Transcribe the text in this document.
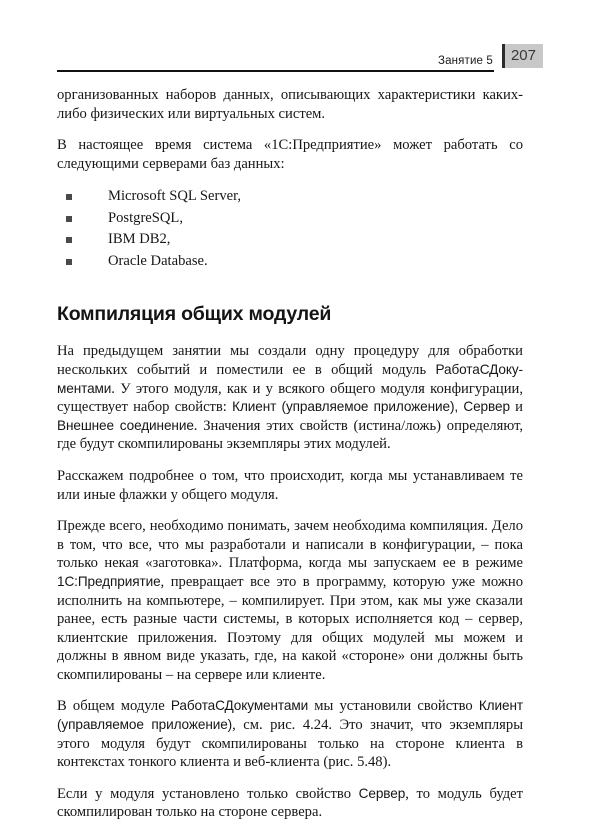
Занятие 5	207

организованных наборов данных, описывающих характеристики каких-либо физических или виртуальных систем.

В настоящее время система «1С:Предприятие» может работать со следующими серверами баз данных:

Microsoft SQL Server,
PostgreSQL,
IBM DB2,
Oracle Database.
Компиляция общих модулей

На предыдущем занятии мы создали одну процедуру для обработки нескольких событий и поместили ее в общий модуль РаботаСДоку-ментами. У этого модуля, как и у всякого общего модуля конфигурации, существует набор свойств: Клиент (управляемое приложение), Сервер и Внешнее соединение. Значения этих свойств (истина/ложь) определяют, где будут скомпилированы экземпляры этих модулей.

Расскажем подробнее о том, что происходит, когда мы устанавливаем те или иные флажки у общего модуля.

Прежде всего, необходимо понимать, зачем необходима компиляция. Дело в том, что все, что мы разработали и написали в конфигурации, – пока только некая «заготовка». Платформа, когда мы запускаем ее в режиме 1С:Предприятие, превращает все это в программу, которую уже можно исполнить на компьютере, – компилирует. При этом, как мы уже сказали ранее, есть разные части системы, в которых исполняется код – сервер, клиентские приложения. Поэтому для общих модулей мы можем и должны в явном виде указать, где, на какой «стороне» они должны быть скомпилированы – на сервере или клиенте.

В общем модуле РаботаСДокументами мы установили свойство Клиент (управляемое приложение), см. рис. 4.24. Это значит, что экземпляры этого модуля будут скомпилированы только на стороне клиента в контекстах тонкого клиента и веб-клиента (рис. 5.48).

Если у модуля установлено только свойство Сервер, то модуль будет скомпилирован только на стороне сервера.
